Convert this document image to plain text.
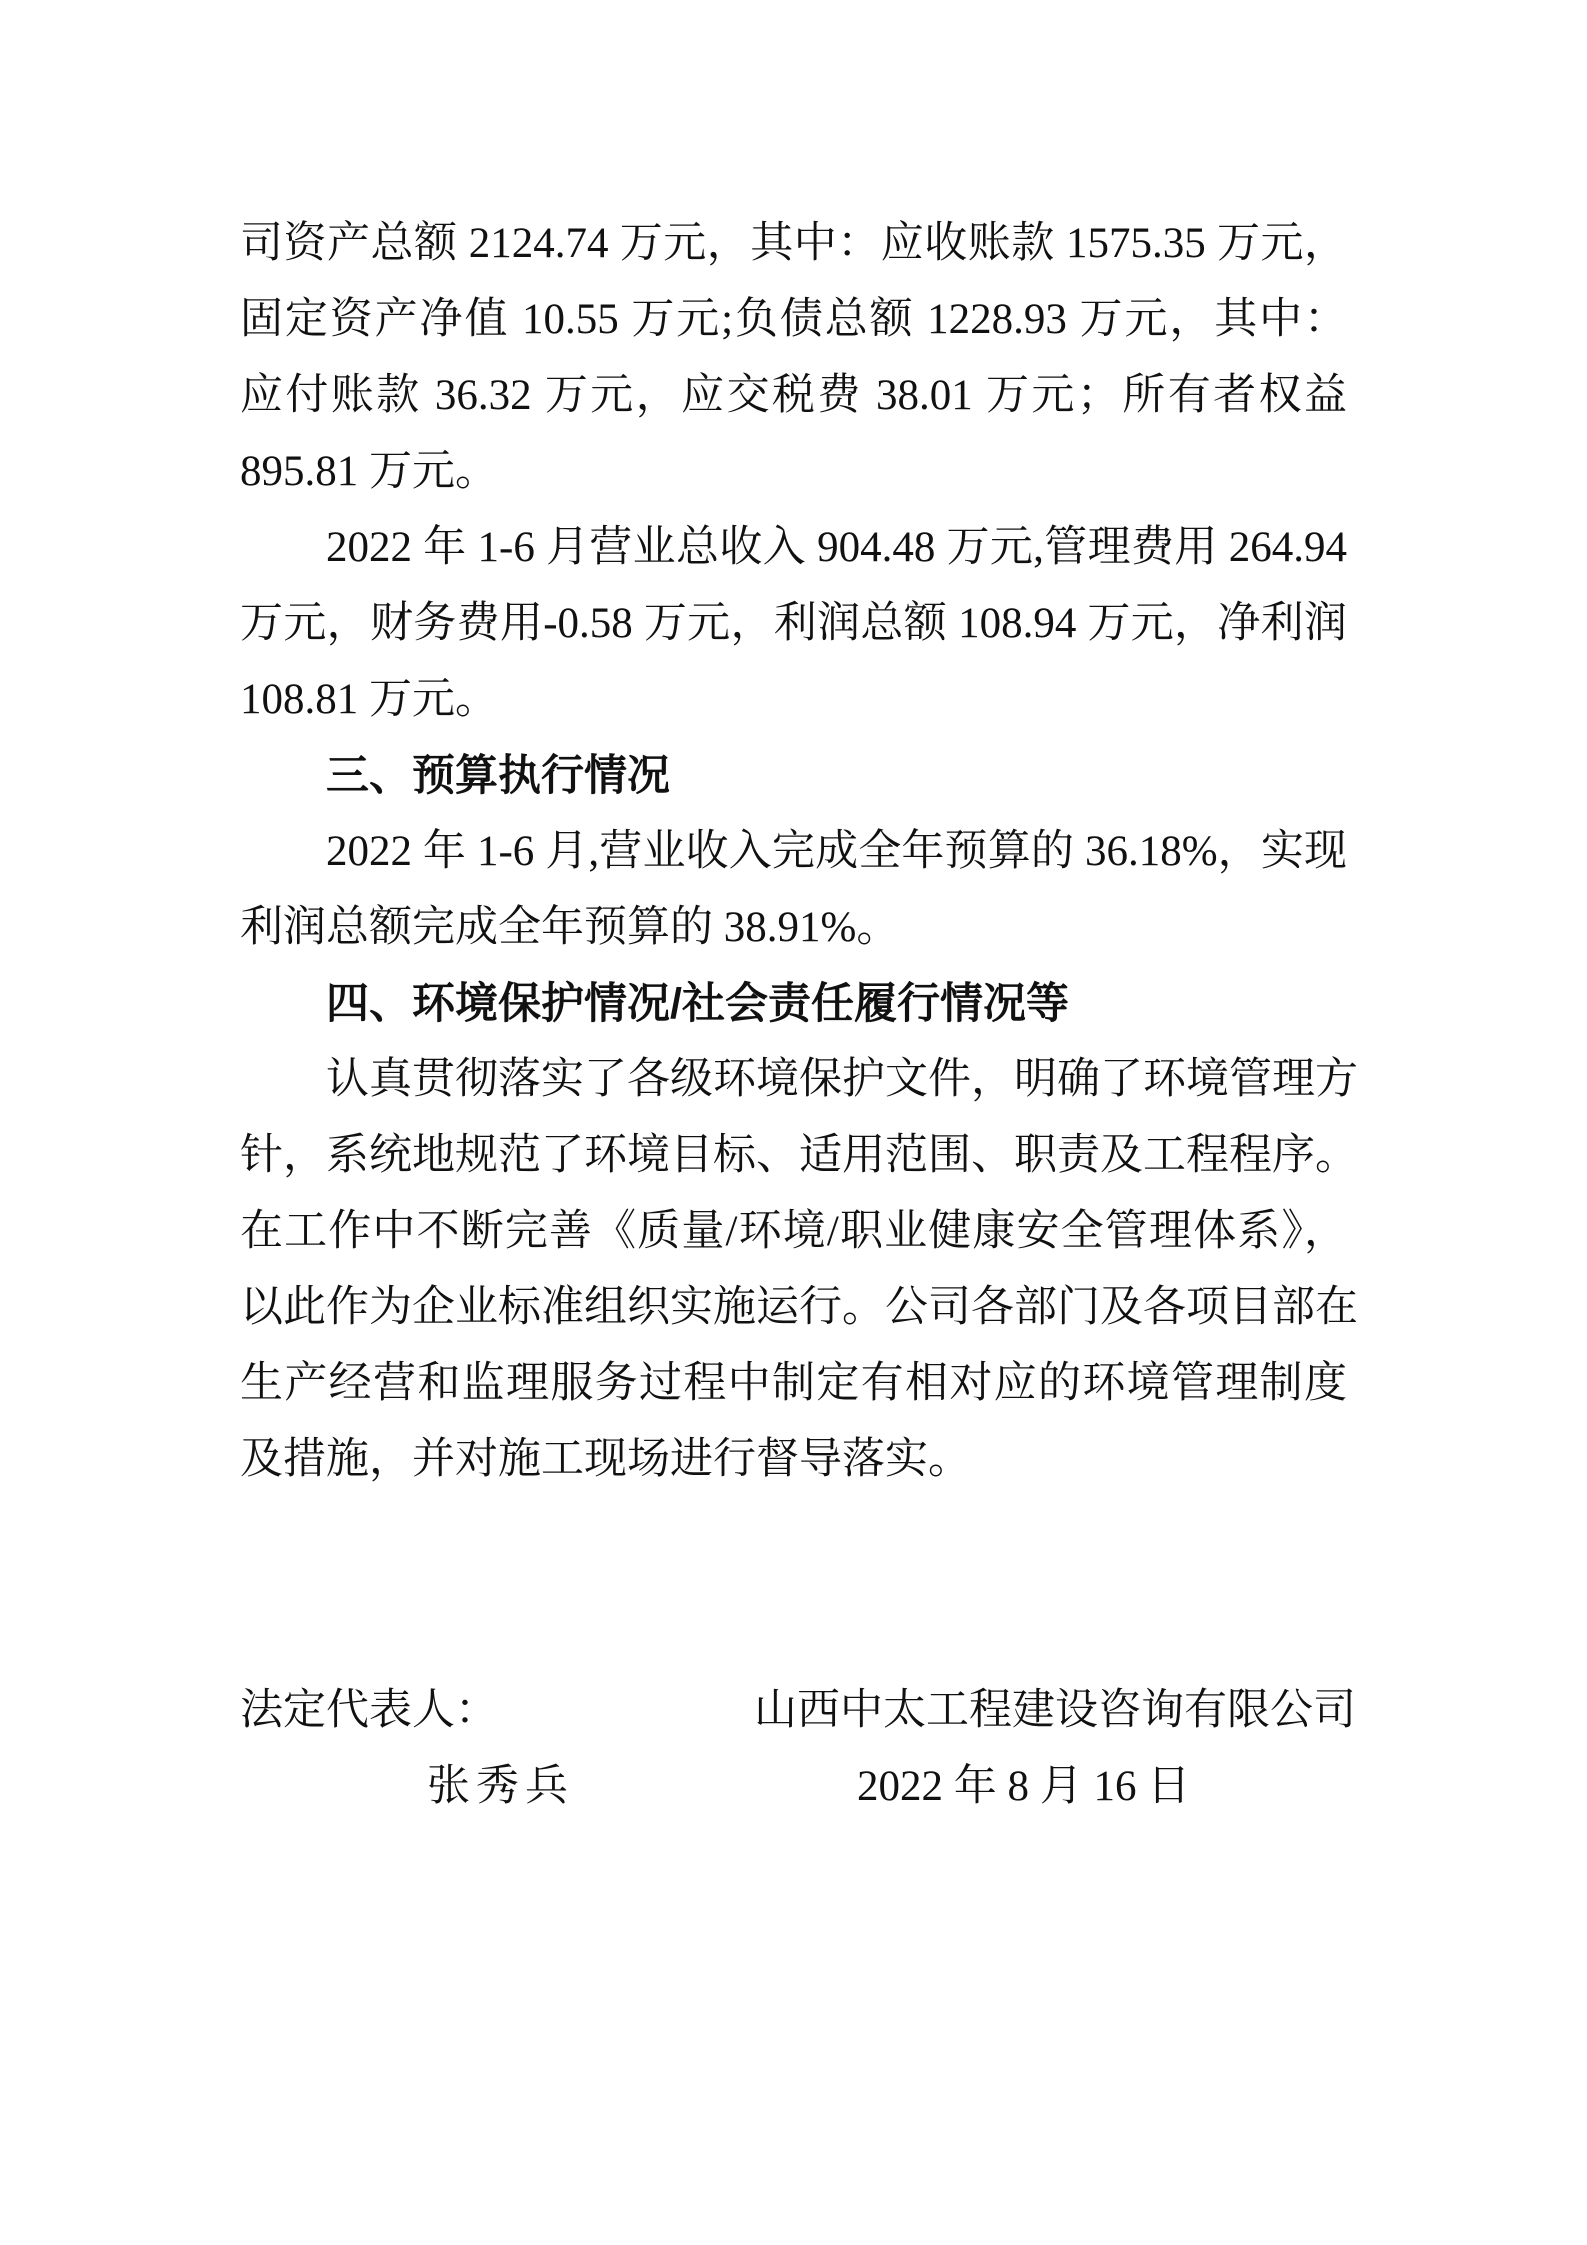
司资产总额 2124.74 万元，其中：应收账款 1575.35 万元，
固定资产净值 10.55 万元;负债总额 1228.93 万元，其中：
应付账款 36.32 万元，应交税费 38.01 万元；所有者权益
895.81 万元。
2022 年 1-6 月营业总收入 904.48 万元,管理费用 264.94
万元，财务费用-0.58 万元，利润总额 108.94 万元，净利润
108.81 万元。
三、预算执行情况
2022 年 1-6 月,营业收入完成全年预算的 36.18%，实现
利润总额完成全年预算的 38.91%。
四、环境保护情况/社会责任履行情况等
认真贯彻落实了各级环境保护文件，明确了环境管理方
针，系统地规范了环境目标、适用范围、职责及工程程序。
在工作中不断完善《质量/环境/职业健康安全管理体系》，
以此作为企业标准组织实施运行。公司各部门及各项目部在
生产经营和监理服务过程中制定有相对应的环境管理制度
及措施，并对施工现场进行督导落实。
法定代表人：	山西中太工程建设咨询有限公司
张秀兵	2022 年 8 月 16 日
